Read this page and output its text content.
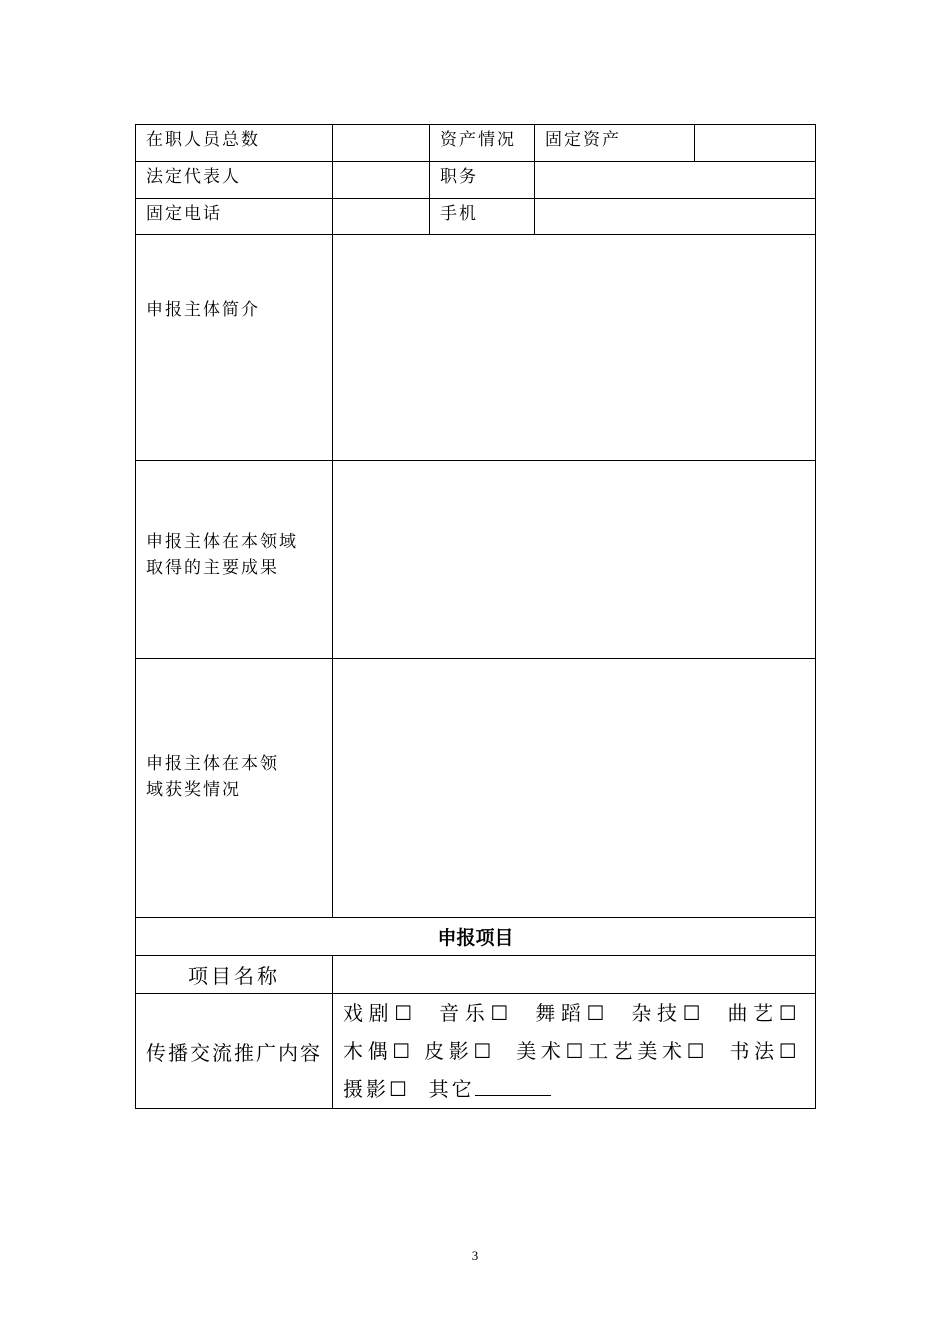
在职人员总数		资产情况	固定资产	
法定代表人		职务		
固定电话		手机		

申报主体简介				

申报主体在本领域
取得的主要成果				

申报主体在本领
域获奖情况				

申报项目				
项目名称				
传播交流推广内容	戏剧☐ 音乐☐ 舞蹈☐ 杂技☐ 曲艺☐  木偶☐ 皮影☐ 美术☐工艺美术☐ 书法☐  摄影☐ 其它			
3
